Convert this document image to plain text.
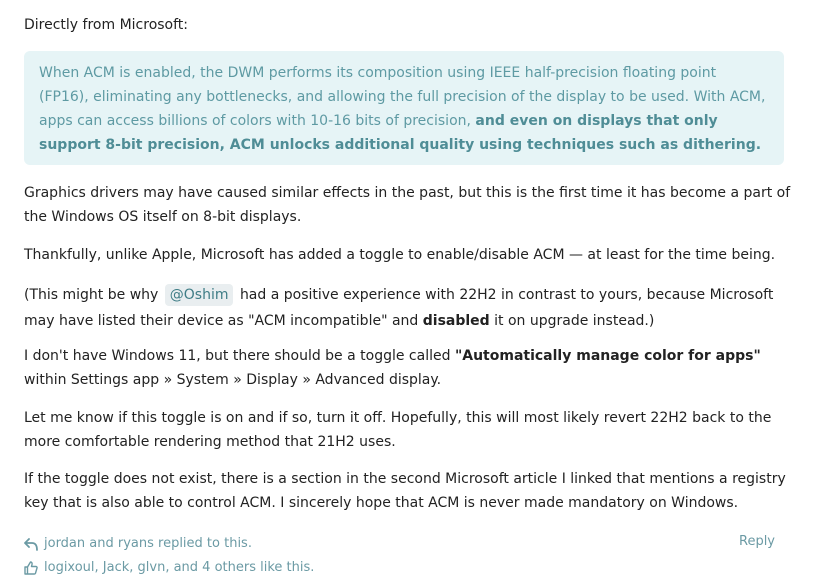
Directly from Microsoft:

When ACM is enabled, the DWM performs its composition using IEEE half-precision floating point (FP16), eliminating any bottlenecks, and allowing the full precision of the display to be used. With ACM, apps can access billions of colors with 10-16 bits of precision, and even on displays that only support 8-bit precision, ACM unlocks additional quality using techniques such as dithering.

Graphics drivers may have caused similar effects in the past, but this is the first time it has become a part of the Windows OS itself on 8-bit displays.

Thankfully, unlike Apple, Microsoft has added a toggle to enable/disable ACM — at least for the time being.

(This might be why @Oshim had a positive experience with 22H2 in contrast to yours, because Microsoft may have listed their device as "ACM incompatible" and disabled it on upgrade instead.)

I don't have Windows 11, but there should be a toggle called "Automatically manage color for apps" within Settings app » System » Display » Advanced display.

Let me know if this toggle is on and if so, turn it off. Hopefully, this will most likely revert 22H2 back to the more comfortable rendering method that 21H2 uses.

If the toggle does not exist, there is a section in the second Microsoft article I linked that mentions a registry key that is also able to control ACM. I sincerely hope that ACM is never made mandatory on Windows.

jordan and ryans replied to this.	Reply
logixoul, Jack, glvn, and 4 others like this.
